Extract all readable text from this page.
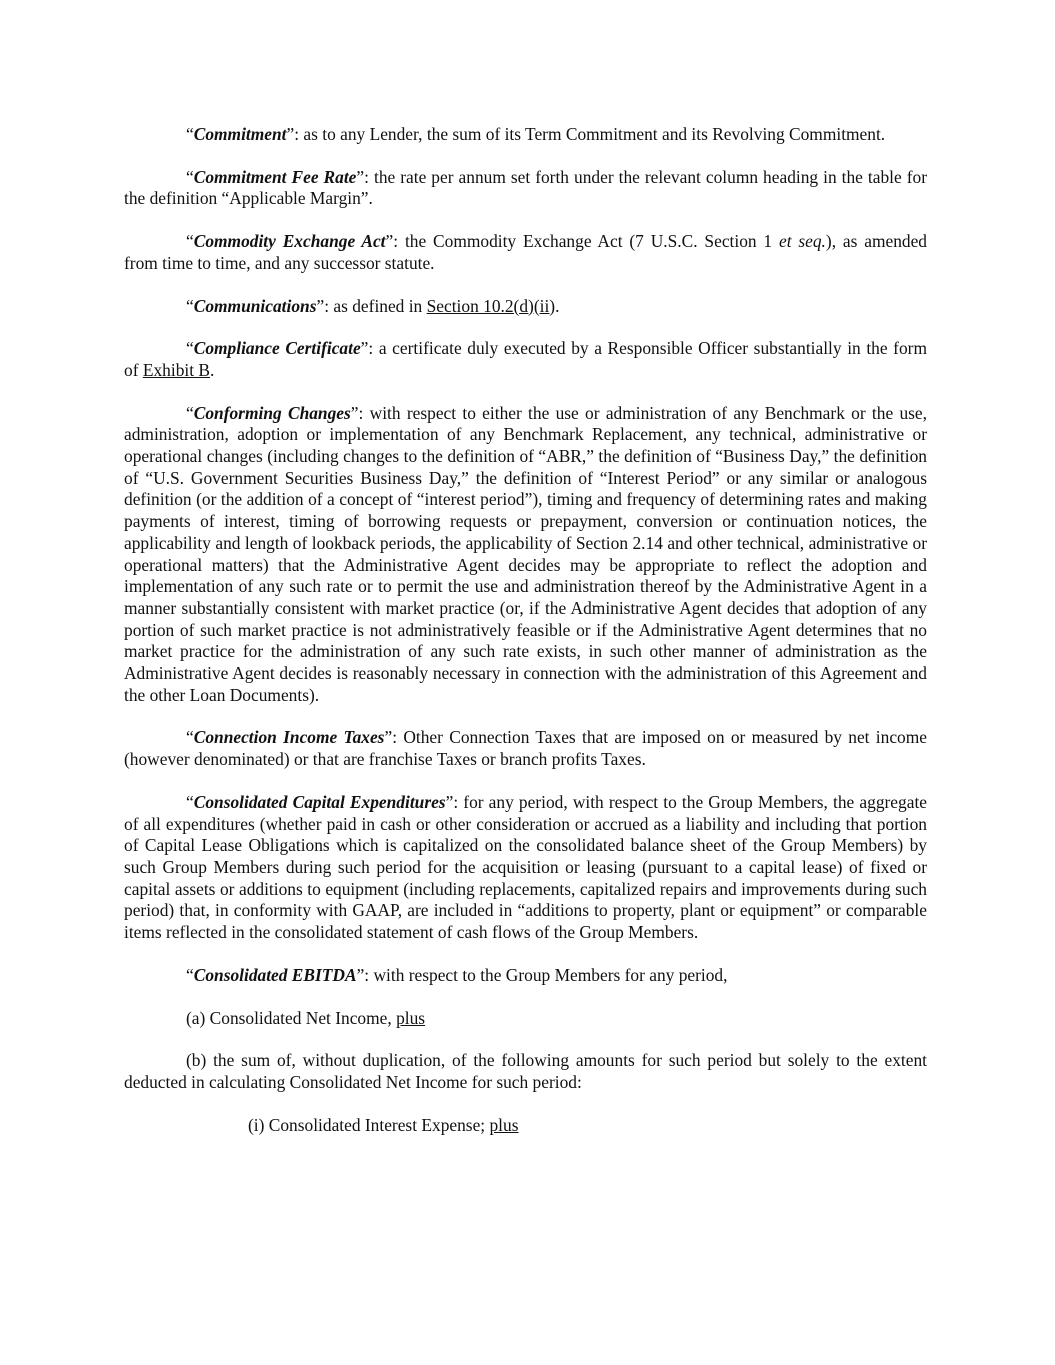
“Commitment”: as to any Lender, the sum of its Term Commitment and its Revolving Commitment.

“Commitment Fee Rate”: the rate per annum set forth under the relevant column heading in the table for the definition “Applicable Margin”.

“Commodity Exchange Act”: the Commodity Exchange Act (7 U.S.C. Section 1 et seq.), as amended from time to time, and any successor statute.

“Communications”: as defined in Section 10.2(d)(ii).

“Compliance Certificate”: a certificate duly executed by a Responsible Officer substantially in the form of Exhibit B.

“Conforming Changes”: with respect to either the use or administration of any Benchmark or the use, administration, adoption or implementation of any Benchmark Replacement, any technical, administrative or operational changes (including changes to the definition of “ABR,” the definition of “Business Day,” the definition of “U.S. Government Securities Business Day,” the definition of “Interest Period” or any similar or analogous definition (or the addition of a concept of “interest period”), timing and frequency of determining rates and making payments of interest, timing of borrowing requests or prepayment, conversion or continuation notices, the applicability and length of lookback periods, the applicability of Section 2.14 and other technical, administrative or operational matters) that the Administrative Agent decides may be appropriate to reflect the adoption and implementation of any such rate or to permit the use and administration thereof by the Administrative Agent in a manner substantially consistent with market practice (or, if the Administrative Agent decides that adoption of any portion of such market practice is not administratively feasible or if the Administrative Agent determines that no market practice for the administration of any such rate exists, in such other manner of administration as the Administrative Agent decides is reasonably necessary in connection with the administration of this Agreement and the other Loan Documents).

“Connection Income Taxes”: Other Connection Taxes that are imposed on or measured by net income (however denominated) or that are franchise Taxes or branch profits Taxes.

“Consolidated Capital Expenditures”: for any period, with respect to the Group Members, the aggregate of all expenditures (whether paid in cash or other consideration or accrued as a liability and including that portion of Capital Lease Obligations which is capitalized on the consolidated balance sheet of the Group Members) by such Group Members during such period for the acquisition or leasing (pursuant to a capital lease) of fixed or capital assets or additions to equipment (including replacements, capitalized repairs and improvements during such period) that, in conformity with GAAP, are included in “additions to property, plant or equipment” or comparable items reflected in the consolidated statement of cash flows of the Group Members.

“Consolidated EBITDA”: with respect to the Group Members for any period,

(a) Consolidated Net Income, plus

(b) the sum of, without duplication, of the following amounts for such period but solely to the extent deducted in calculating Consolidated Net Income for such period:

(i) Consolidated Interest Expense; plus
